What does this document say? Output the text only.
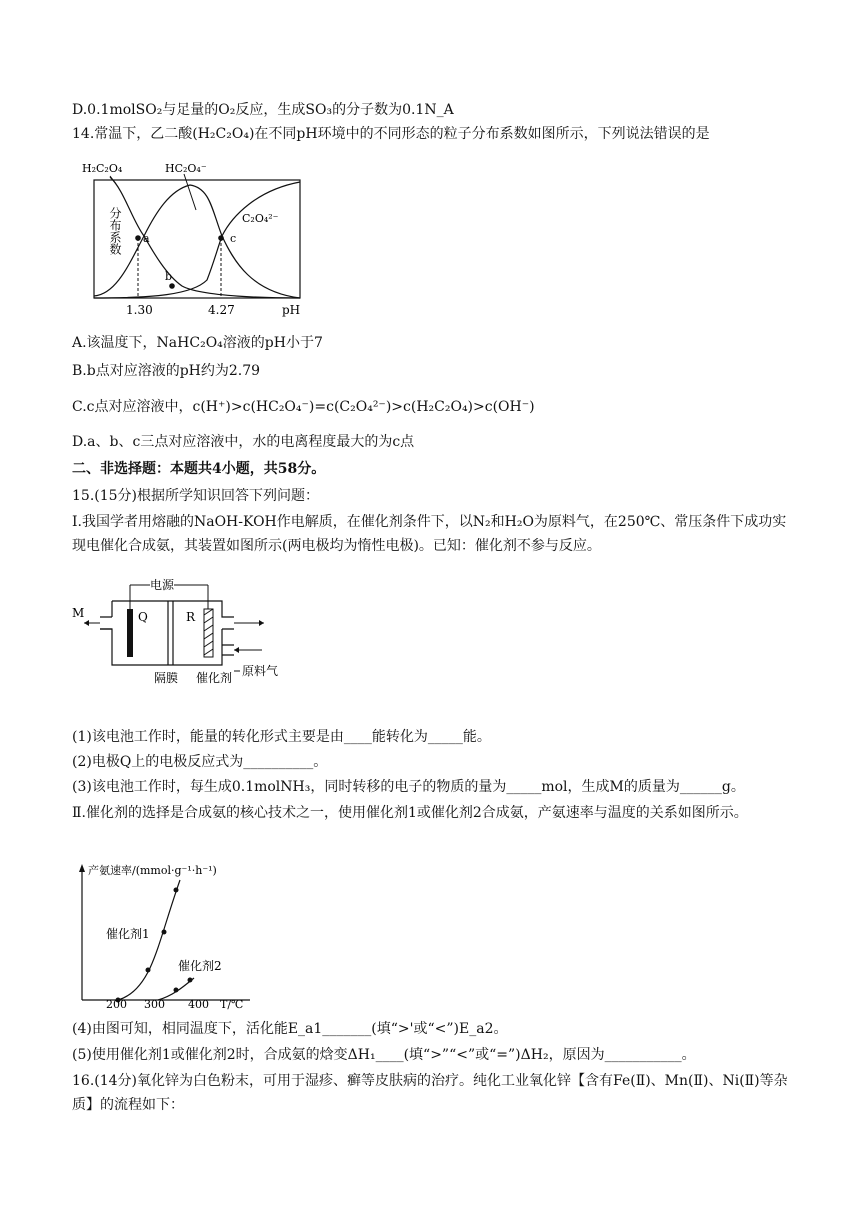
D.0.1molSO₂与足量的O₂反应，生成SO₃的分子数为0.1N_A
14.常温下，乙二酸(H₂C₂O₄)在不同pH环境中的不同形态的粒子分布系数如图所示，下列说法错误的是
H₂C₂O₄	HC₂O₄⁻
C₂O₄²⁻
分布系数
a
b
c
1.30	4.27	pH
A.该温度下，NaHC₂O₄溶液的pH小于7
B.b点对应溶液的pH约为2.79
C.c点对应溶液中，c(H⁺)>c(HC₂O₄⁻)=c(C₂O₄²⁻)>c(H₂C₂O₄)>c(OH⁻)
D.a、b、c三点对应溶液中，水的电离程度最大的为c点
二、非选择题：本题共4小题，共58分。
15.(15分)根据所学知识回答下列问题：
Ⅰ.我国学者用熔融的NaOH-KOH作电解质，在催化剂条件下，以N₂和H₂O为原料气，在250℃、常压条件下成功实现电催化合成氨，其装置如图所示(两电极均为惰性电极)。已知：催化剂不参与反应。
电源
M	Q	R
原料气
隔膜 催化剂
(1)该电池工作时，能量的转化形式主要是由____能转化为_____能。
(2)电极Q上的电极反应式为__________。
(3)该电池工作时，每生成0.1molNH₃，同时转移的电子的物质的量为_____mol，生成M的质量为______g。
Ⅱ.催化剂的选择是合成氨的核心技术之一，使用催化剂1或催化剂2合成氨，产氨速率与温度的关系如图所示。
产氨速率/(mmol·g⁻¹·h⁻¹)
催化剂1
催化剂2
200 300 400 T/℃
(4)由图可知，相同温度下，活化能E_a1_______(填“>'或“<”)E_a2。
(5)使用催化剂1或催化剂2时，合成氨的焓变ΔH₁____(填“>”“<”或“=”)ΔH₂，原因为___________。
16.(14分)氧化锌为白色粉末，可用于湿疹、癣等皮肤病的治疗。纯化工业氧化锌【含有Fe(Ⅱ)、Mn(Ⅱ)、Ni(Ⅱ)等杂质】的流程如下：
